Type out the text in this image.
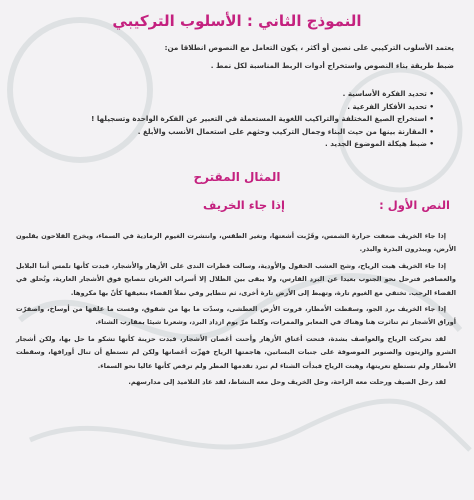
النموذج الثاني : الأسلوب التركيبي

يعتمد الأسلوب التركيبي على نصين أو أكثر ، يكون التعامل مع النصوص انطلاقا من:

ضبط طريقة بناء النصوص واستخراج أدوات الربط المناسبة لكل نمط .

• تحديد الفكرة الأساسية .
• تحديد الأفكار الفرعية .
• استخراج الصيغ المختلفة والتراكيب اللغوية المستعملة في التعبير عن الفكرة الواحدة وتسجيلها !
• المقارنة بينها من حيث البناء وجمال التركيب وحثهم على استعمال الأنسب والأبلغ .
• ضبط هيكلة الموضوع الجديد .
المثال المقترح
النص الأول :
إذا جاء الخريف

إذا جاء الخريف ضعفت حرارة الشمس، وقَرُبت أشعتها، وتغير الطقس، وانتشرت الغيوم الرمادية في السماء، ويخرج الفلاحون يقلبون الأرض، ويبذرون البذرة والبذر.

إذا جاء الخريف هبت الرياح، وشح العشب الحقول والأودية، وسالت قطرات الندى على الأزهار والأشجار، فبدت كأنها تلمس أننا البلابل والعصافير فترحل نحو الجنوب بعيدا عن البرد القارس، ولا يبقى بين الظلال إلا أسراب الغربان تتصايح فوق الأشجار العارية، وتُحلق في الفضاء الرحب. تختفي مع الغيوم تارة، وتهبط إلى الأرض تارة أخرى، ثم تتطاير وفي نملأ الفضاء بنعيقها كأنّ بها مكروها.

إذا جاء الخريف برد الجو، وسقطت الأمطار، فروت الأرض العطشى، وسدّت ما بها من شقوق، وقست ما علقها من أوساخ، واصفرّت أوراق الأشجار ثم تناثرت هنا وهناك في المعابر والممرات، وكلما مرّ يوم ازداد البرد، وشعرنا شيئا بمقارب الشتاء.

لقد تحركت الرياح والعواصف بشدة، فتحت أعناق الأزهار وأحنت أغصان الأشجار، فبدت حزينة كأنها تشكو ما حل بها، ولكن أشجار الشرو والزيتون والصنوبر الموصوفة على جنبات البساتين، هاجمتها الرياح فهزّت أغصانها ولكن لم تستطع أن تنال أوراقها، وسقطت الأمطار ولم تستطع تعريتها، وهبت الرياح فبدأت الشتاء لم تبرد تقدمها المطر ولم ترقص كأنها عاليا نحو السماء.

لقد رحل الصيف ورحلت معه الراحة، وحل الخريف وحل معه النشاط، لقد عاد التلاميذ إلى مدارسهم.
